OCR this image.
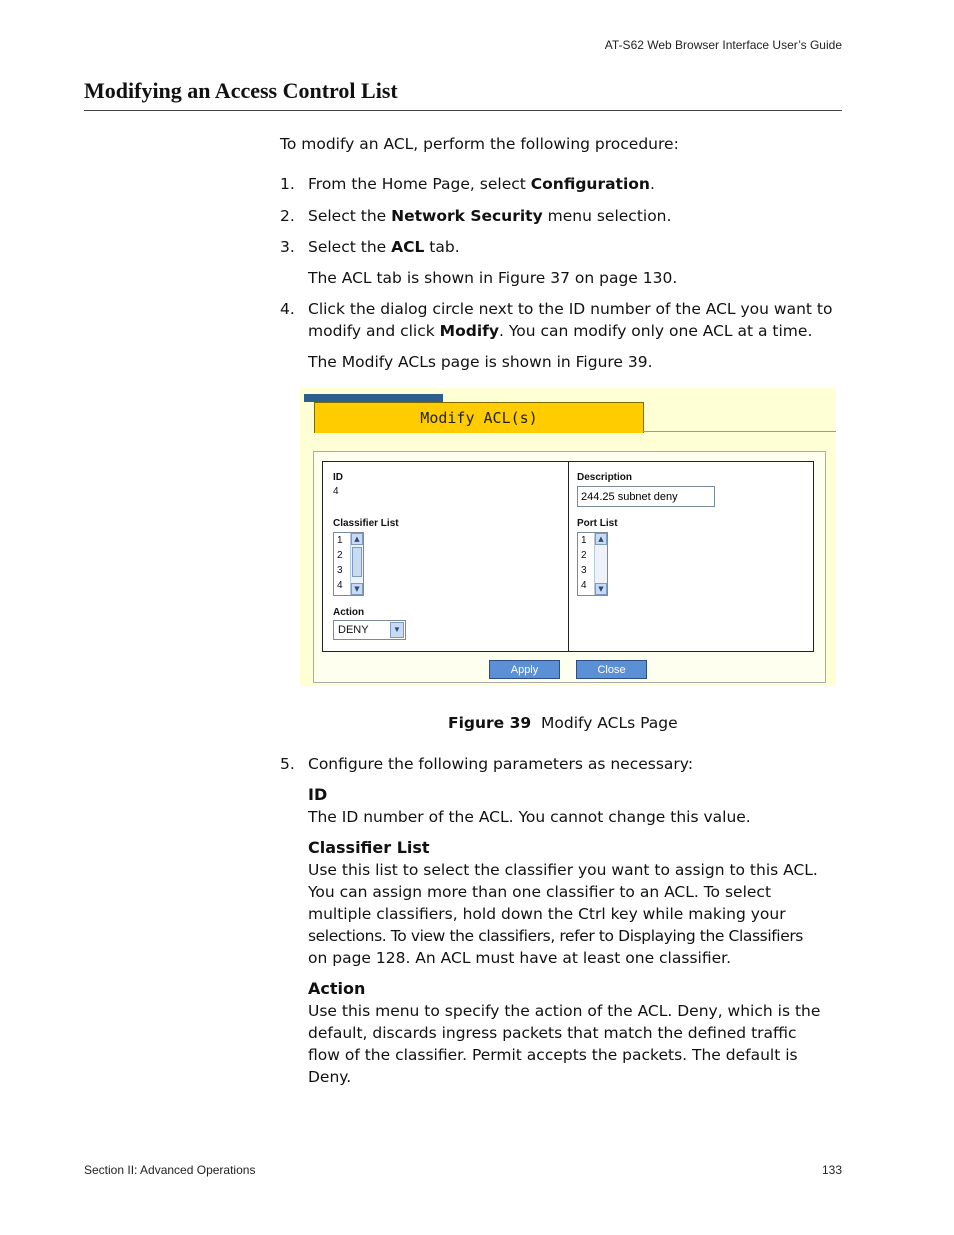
AT-S62 Web Browser Interface User’s Guide
Modifying an Access Control List
To modify an ACL, perform the following procedure:
1. From the Home Page, select Configuration.
2. Select the Network Security menu selection.
3. Select the ACL tab.
The ACL tab is shown in Figure 37 on page 130.
4. Click the dialog circle next to the ID number of the ACL you want to
modify and click Modify. You can modify only one ACL at a time.
The Modify ACLs page is shown in Figure 39.
Modify ACL(s)
ID
4
Classifier List
1
2
3
4
▲
▼
Action
DENY	▼
Description
244.25 subnet deny
Port List
1
2
3
4
▲
▼
Apply	Close
Figure 39 Modify ACLs Page
5. Configure the following parameters as necessary:

ID

The ID number of the ACL. You cannot change this value.

Classifier List

Use this list to select the classifier you want to assign to this ACL.

You can assign more than one classifier to an ACL. To select

multiple classifiers, hold down the Ctrl key while making your

selections. To view the classifiers, refer to Displaying the Classifiers

on page 128. An ACL must have at least one classifier.

Action

Use this menu to specify the action of the ACL. Deny, which is the

default, discards ingress packets that match the defined traffic

flow of the classifier. Permit accepts the packets. The default is

Deny.

Section II: Advanced Operations	133
